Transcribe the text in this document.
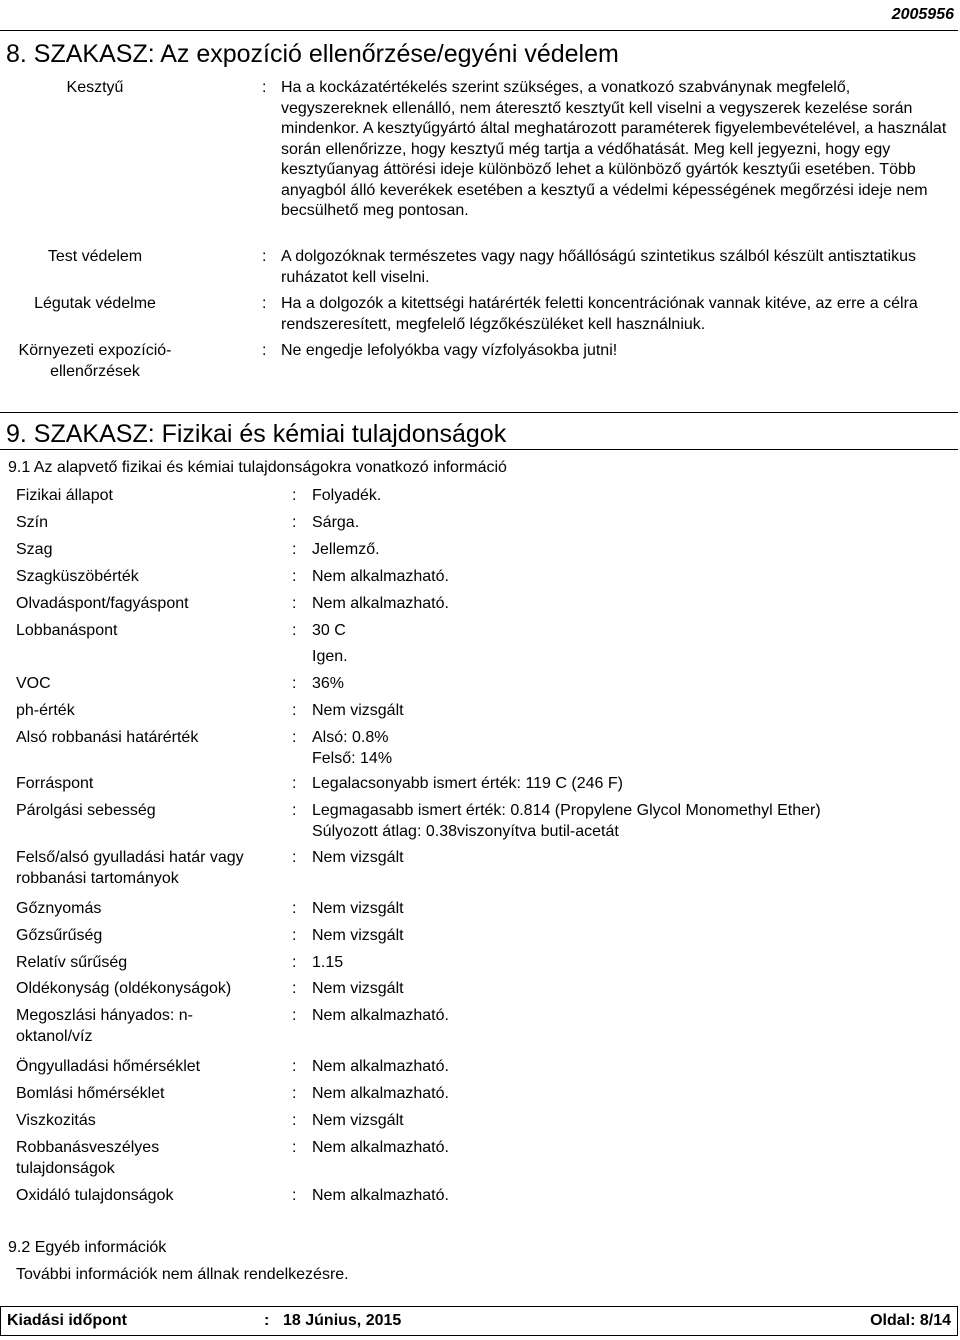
2005956
8. SZAKASZ: Az expozíció ellenőrzése/egyéni védelem
Kesztyű	: Ha a kockázatértékelés szerint szükséges, a vonatkozó szabványnak megfelelő, vegyszereknek ellenálló, nem áteresztő kesztyűt kell viselni a vegyszerek kezelése során mindenkor. A kesztyűgyártó által meghatározott paraméterek figyelembevételével, a használat során ellenőrizze, hogy kesztyű még tartja a védőhatását. Meg kell jegyezni, hogy egy kesztyűanyag áttörési ideje különböző lehet a különböző gyártók kesztyűi esetében. Több anyagból álló keverékek esetében a kesztyű a védelmi képességének megőrzési ideje nem becsülhető meg pontosan.
Test védelem	: A dolgozóknak természetes vagy nagy hőállóságú szintetikus szálból készült antisztatikus ruházatot kell viselni.
Légutak védelme	: Ha a dolgozók a kitettségi határérték feletti koncentrációnak vannak kitéve, az erre a célra rendszeresített, megfelelő légzőkészüléket kell használniuk.
Környezeti expozíció-ellenőrzések
: Ne engedje lefolyókba vagy vízfolyásokba jutni!
9. SZAKASZ: Fizikai és kémiai tulajdonságok
9.1 Az alapvető fizikai és kémiai tulajdonságokra vonatkozó információ
Fizikai állapot	: Folyadék.
Szín	: Sárga.
Szag	: Jellemző.
Szagküszöbérték	: Nem alkalmazható.
Olvadáspont/fagyáspont	: Nem alkalmazható.
Lobbanáspont	: 30 C
Igen.
VOC	: 36%
ph-érték	: Nem vizsgált
Alsó robbanási határérték	: Alsó: 0.8%
Felső: 14%
Forráspont	: Legalacsonyabb ismert érték: 119 C (246 F)
Párolgási sebesség	: Legmagasabb ismert érték: 0.814 (Propylene Glycol Monomethyl Ether)
Súlyozott átlag: 0.38viszonyítva butil-acetát
Felső/alsó gyulladási határ vagy robbanási tartományok
: Nem vizsgált
Gőznyomás	: Nem vizsgált
Gőzsűrűség	: Nem vizsgált
Relatív sűrűség	: 1.15
Oldékonyság (oldékonyságok)	: Nem vizsgált
Megoszlási hányados: n-oktanol/víz
: Nem alkalmazható.
Öngyulladási hőmérséklet	: Nem alkalmazható.
Bomlási hőmérséklet	: Nem alkalmazható.
Viszkozitás	: Nem vizsgált
Robbanásveszélyes tulajdonságok
: Nem alkalmazható.
Oxidáló tulajdonságok	: Nem alkalmazható.
9.2 Egyéb információk
További információk nem állnak rendelkezésre.
Kiadási időpont	: 18 Június, 2015	Oldal: 8/14
